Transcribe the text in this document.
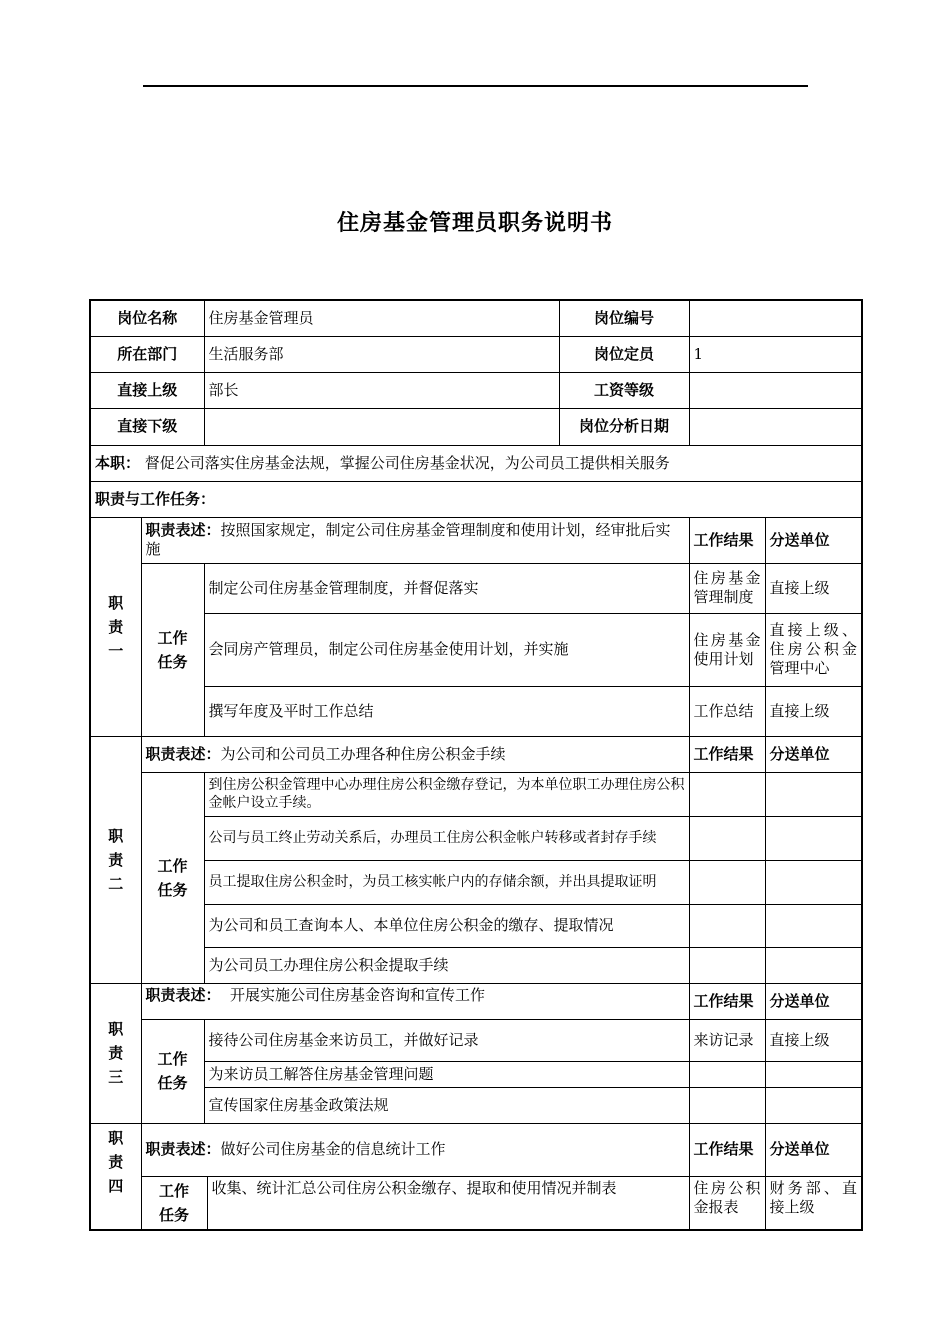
住房基金管理员职务说明书
岗位名称		住房基金管理员		岗位编号		
所在部门		生活服务部		岗位定员	1	
直接上级		部长		工资等级		
直接下级				岗位分析日期		
本职： 督促公司落实住房基金法规，掌握公司住房基金状况，为公司员工提供相关服务						
职责与工作任务：						
职
责
一	职责表述：按照国家规定，制定公司住房基金管理制度和使用计划，经审批后实施				工作结果	分送单位
	工作
任务	制定公司住房基金管理制度，并督促落实			住房基金管理制度	直接上级
		会同房产管理员，制定公司住房基金使用计划，并实施			住房基金使用计划	直接上级、住房公积金管理中心
		撰写年度及平时工作总结			工作总结	直接上级
职
责
二	职责表述：为公司和公司员工办理各种住房公积金手续				工作结果	分送单位
	工作
任务	到住房公积金管理中心办理住房公积金缴存登记，为本单位职工办理住房公积金帐户设立手续。				
		公司与员工终止劳动关系后，办理员工住房公积金帐户转移或者封存手续				
		员工提取住房公积金时，为员工核实帐户内的存储余额，并出具提取证明				
		为公司和员工查询本人、本单位住房公积金的缴存、提取情况				
		为公司员工办理住房公积金提取手续				
职
责
三	职责表述：  开展实施公司住房基金咨询和宣传工作				工作结果	分送单位
	工作
任务	接待公司住房基金来访员工，并做好记录			来访记录	直接上级
		为来访员工解答住房基金管理问题				
		宣传国家住房基金政策法规				
职
责
四	职责表述：做好公司住房基金的信息统计工作				工作结果	分送单位
	工作
任务		收集、统计汇总公司住房公积金缴存、提取和使用情况并制表		住房公积金报表	财务部、直接上级
